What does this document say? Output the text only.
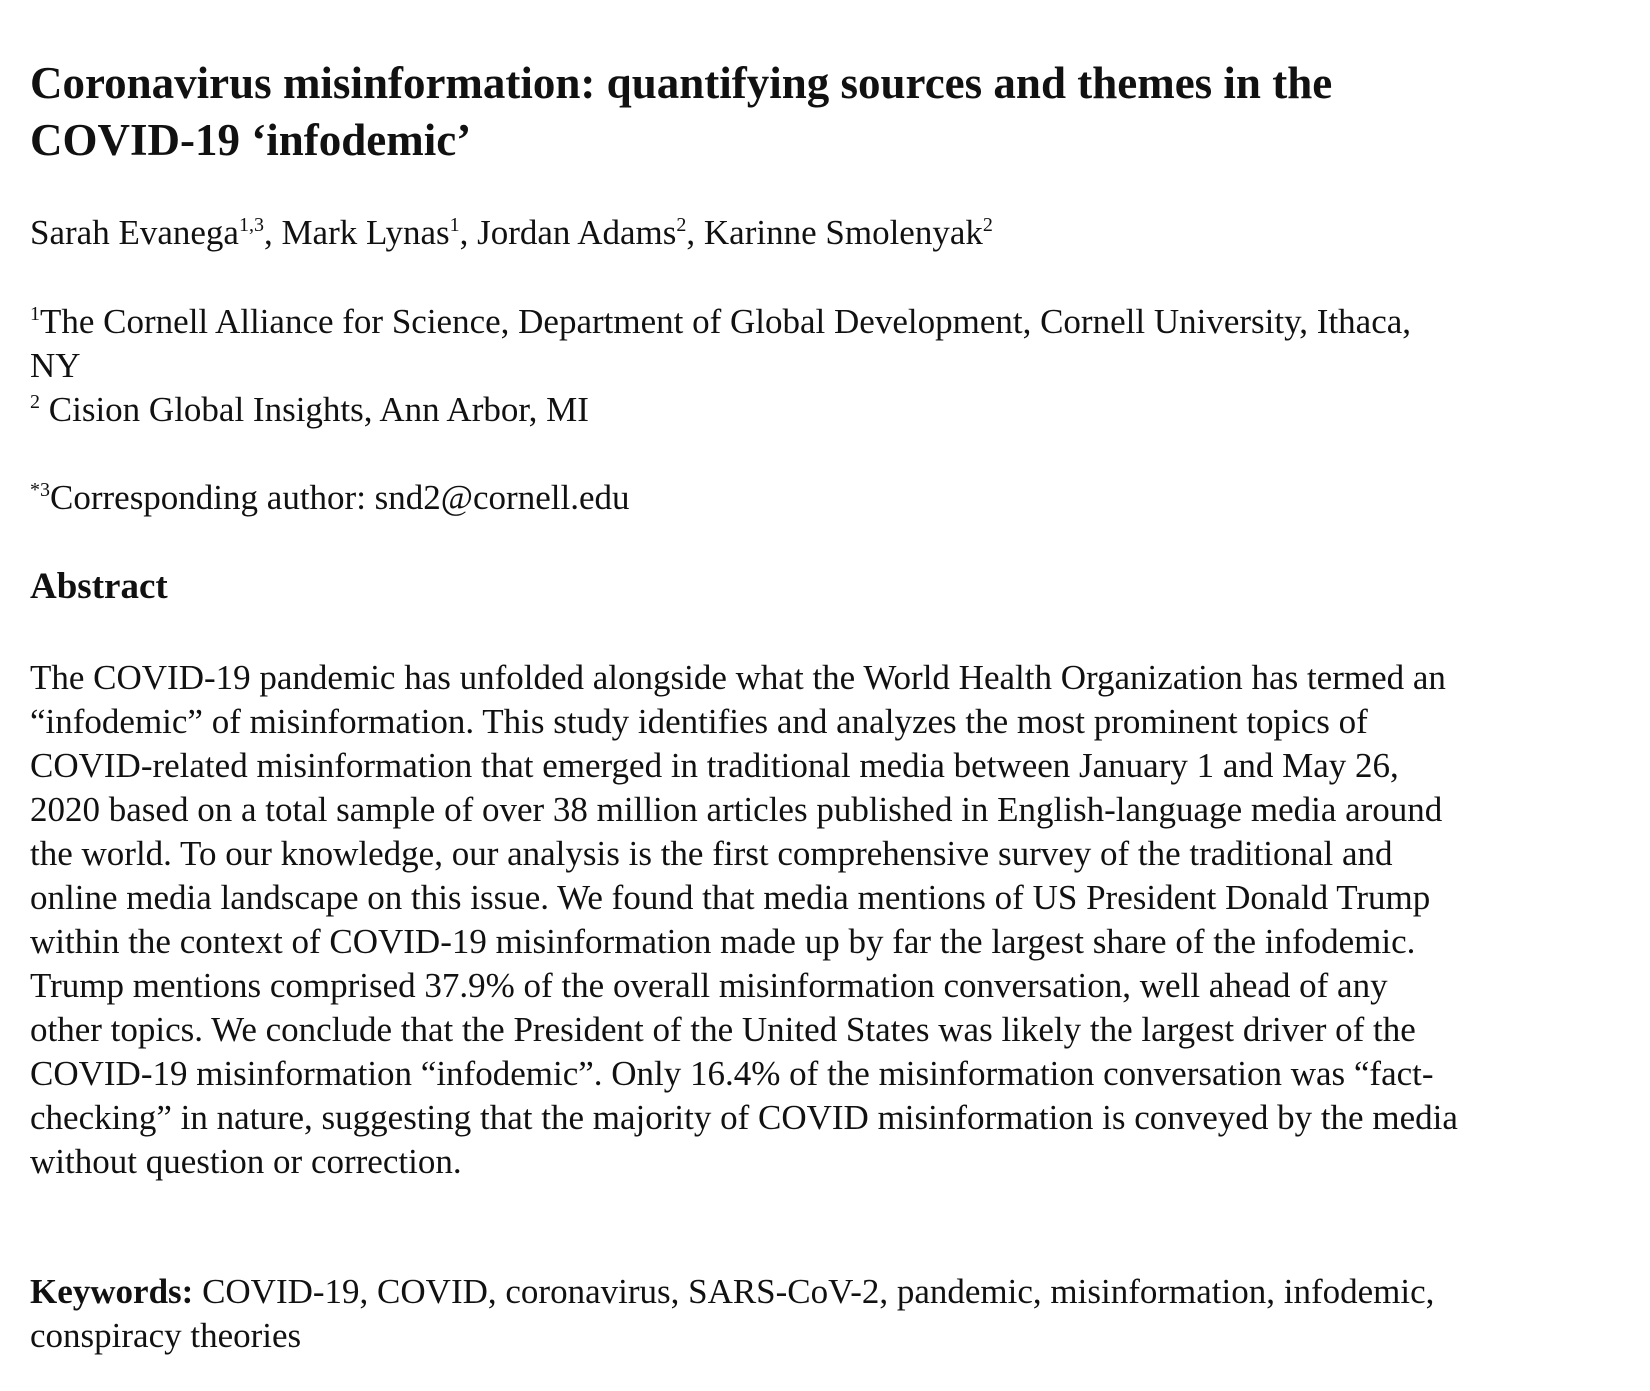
Coronavirus misinformation: quantifying sources and themes in the
COVID-19 ‘infodemic’

Sarah Evanega$^{1,3}$, Mark Lynas$^1$, Jordan Adams$^2$, Karinne Smolenyak$^2$

$^1$The Cornell Alliance for Science, Department of Global Development, Cornell University, Ithaca,
NY
$^2$ Cision Global Insights, Ann Arbor, MI

$^{*3}$Corresponding author: snd2@cornell.edu

Abstract

The COVID-19 pandemic has unfolded alongside what the World Health Organization has termed an
“infodemic” of misinformation. This study identifies and analyzes the most prominent topics of
COVID-related misinformation that emerged in traditional media between January 1 and May 26,
2020 based on a total sample of over 38 million articles published in English-language media around
the world. To our knowledge, our analysis is the first comprehensive survey of the traditional and
online media landscape on this issue. We found that media mentions of US President Donald Trump
within the context of COVID-19 misinformation made up by far the largest share of the infodemic.
Trump mentions comprised 37.9% of the overall misinformation conversation, well ahead of any
other topics. We conclude that the President of the United States was likely the largest driver of the
COVID-19 misinformation “infodemic”. Only 16.4% of the misinformation conversation was “fact-
checking” in nature, suggesting that the majority of COVID misinformation is conveyed by the media
without question or correction.

Keywords: COVID-19, COVID, coronavirus, SARS-CoV-2, pandemic, misinformation, infodemic,
conspiracy theories
